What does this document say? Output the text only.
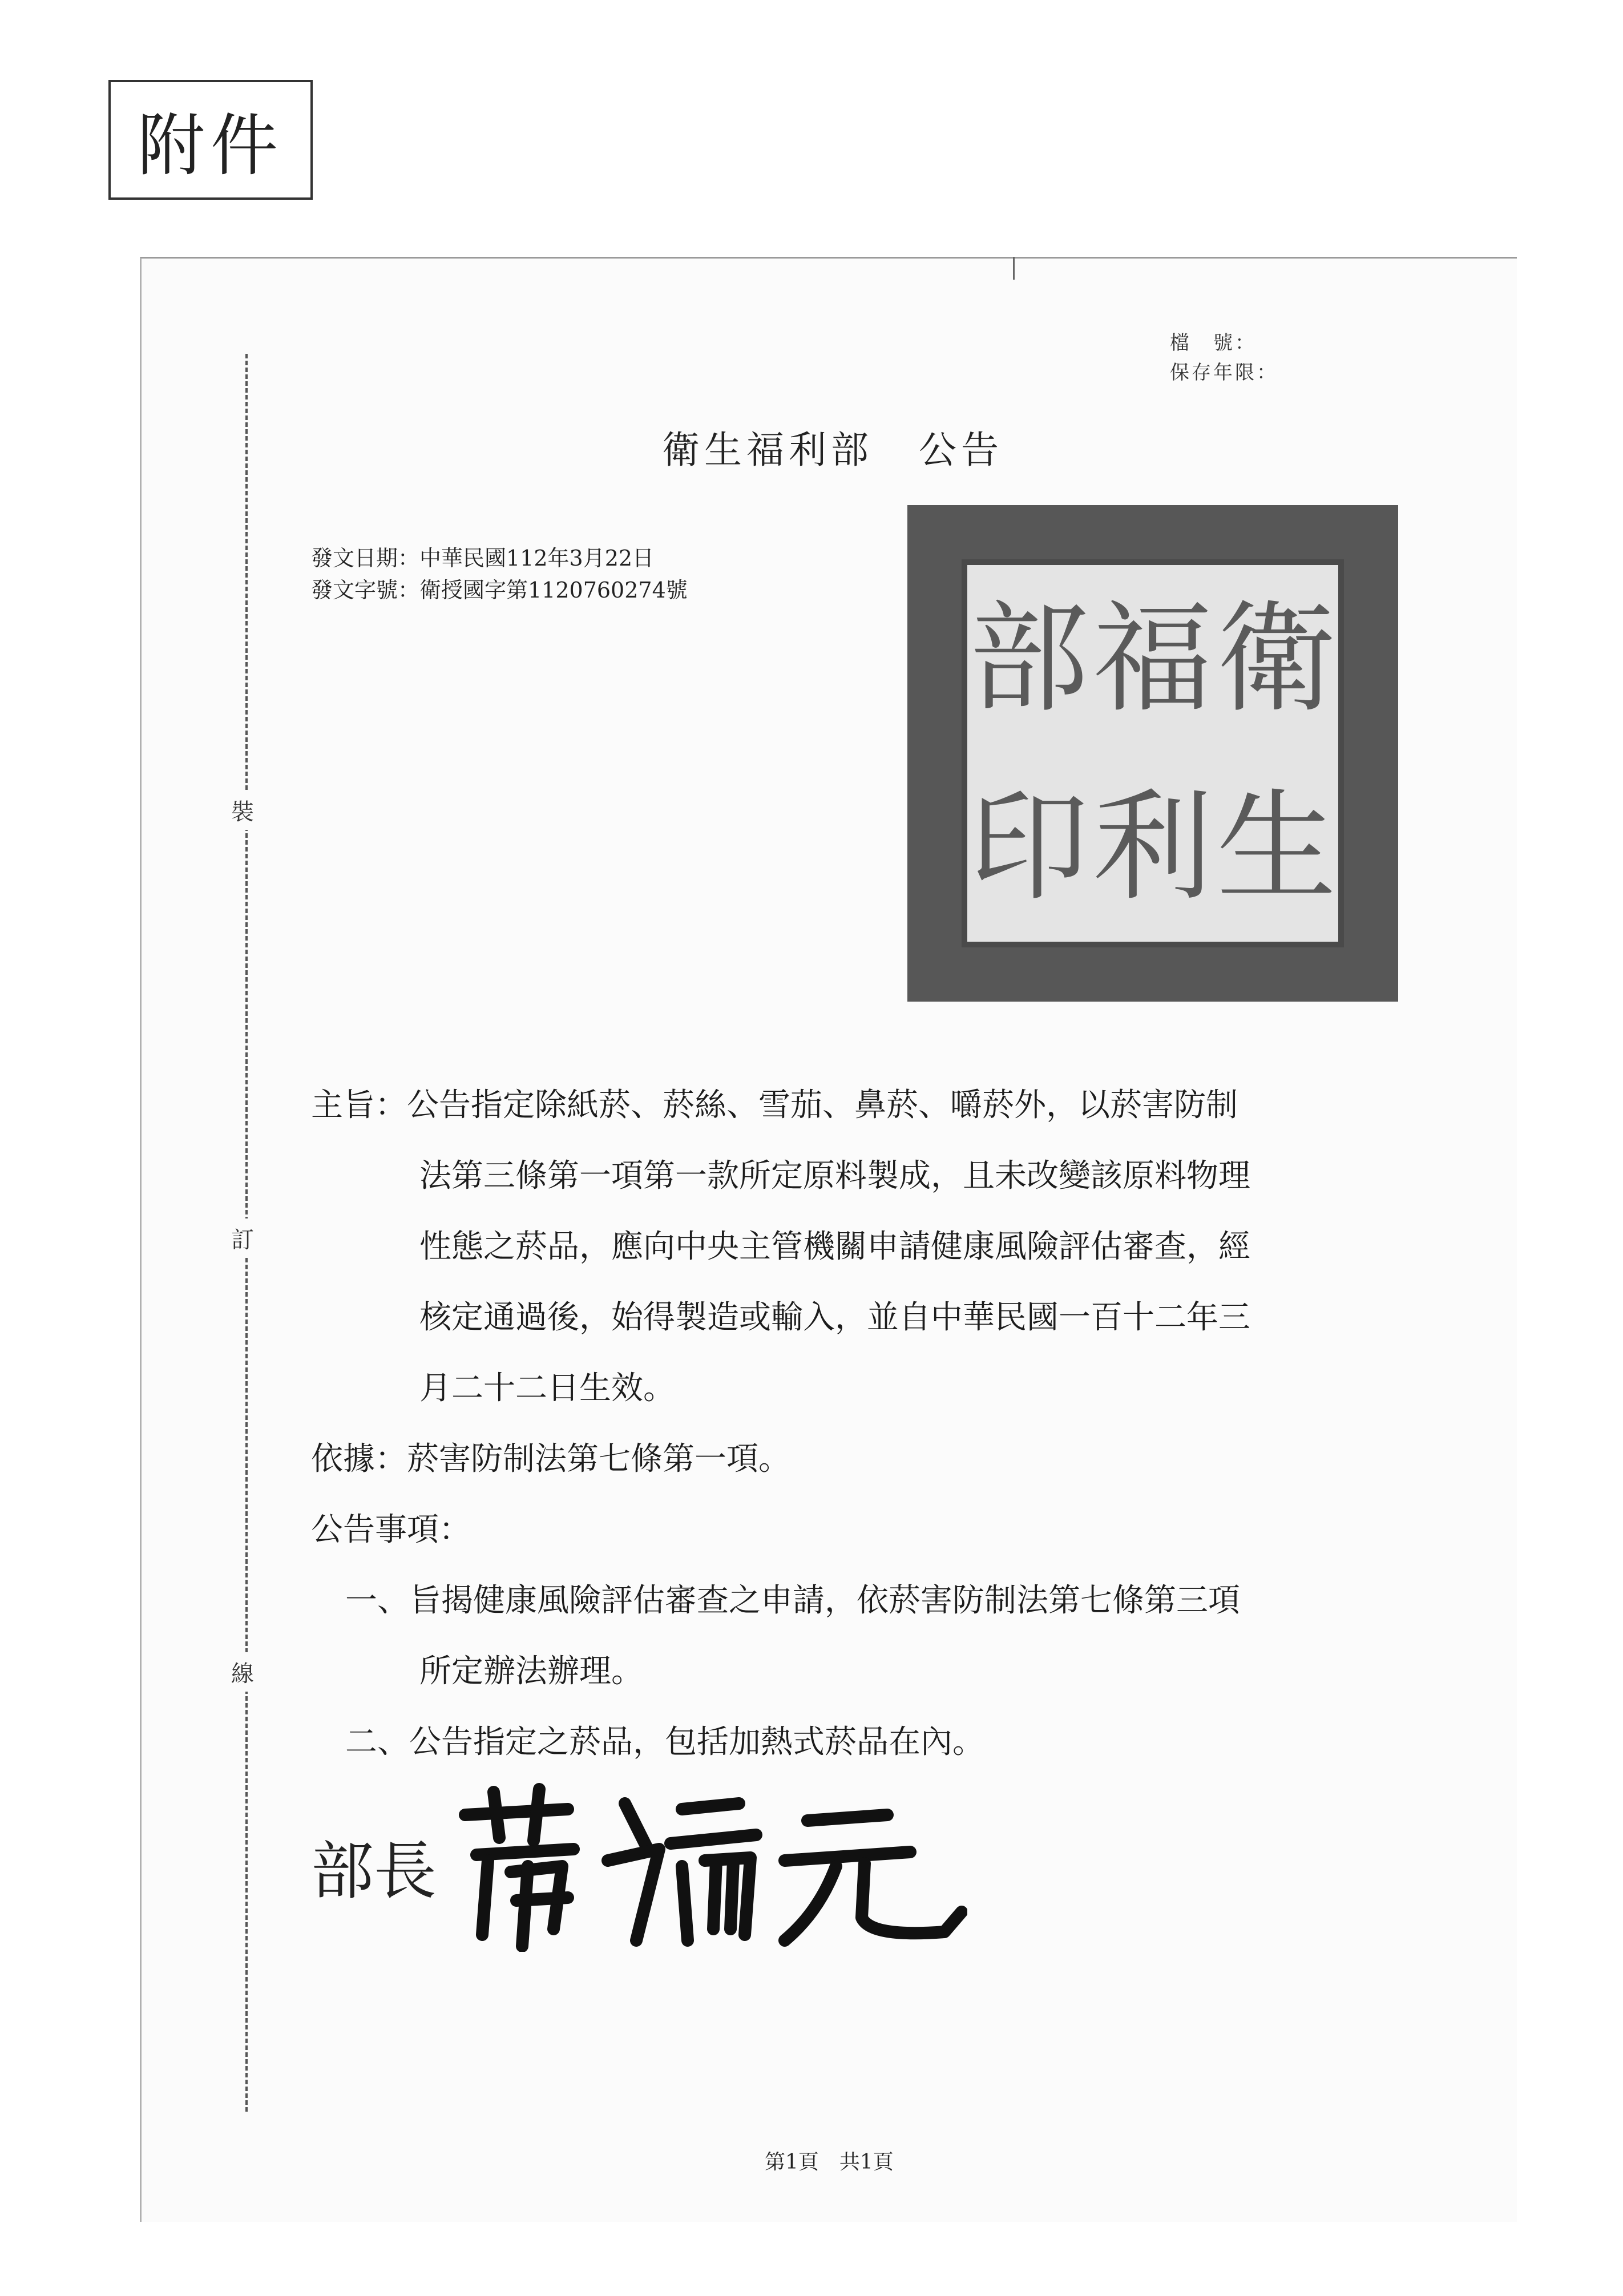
附件
裝
訂
線
檔　號：
保存年限：
衛生福利部 公告
發文日期：中華民國112年3月22日
發文字號：衛授國字第1120760274號	衛
生
福
利
部
印
主旨： 公告指定除紙菸、菸絲、雪茄、鼻菸、嚼菸外，以菸害防制
法第三條第一項第一款所定原料製成，且未改變該原料物理
性態之菸品，應向中央主管機關申請健康風險評估審查，經
核定通過後，始得製造或輸入，並自中華民國一百十二年三
月二十二日生效。
依據： 菸害防制法第七條第一項。
公告事項：
一、 旨揭健康風險評估審查之申請，依菸害防制法第七條第三項
所定辦法辦理。
二、 公告指定之菸品，包括加熱式菸品在內。
部長
第1頁　共1頁
